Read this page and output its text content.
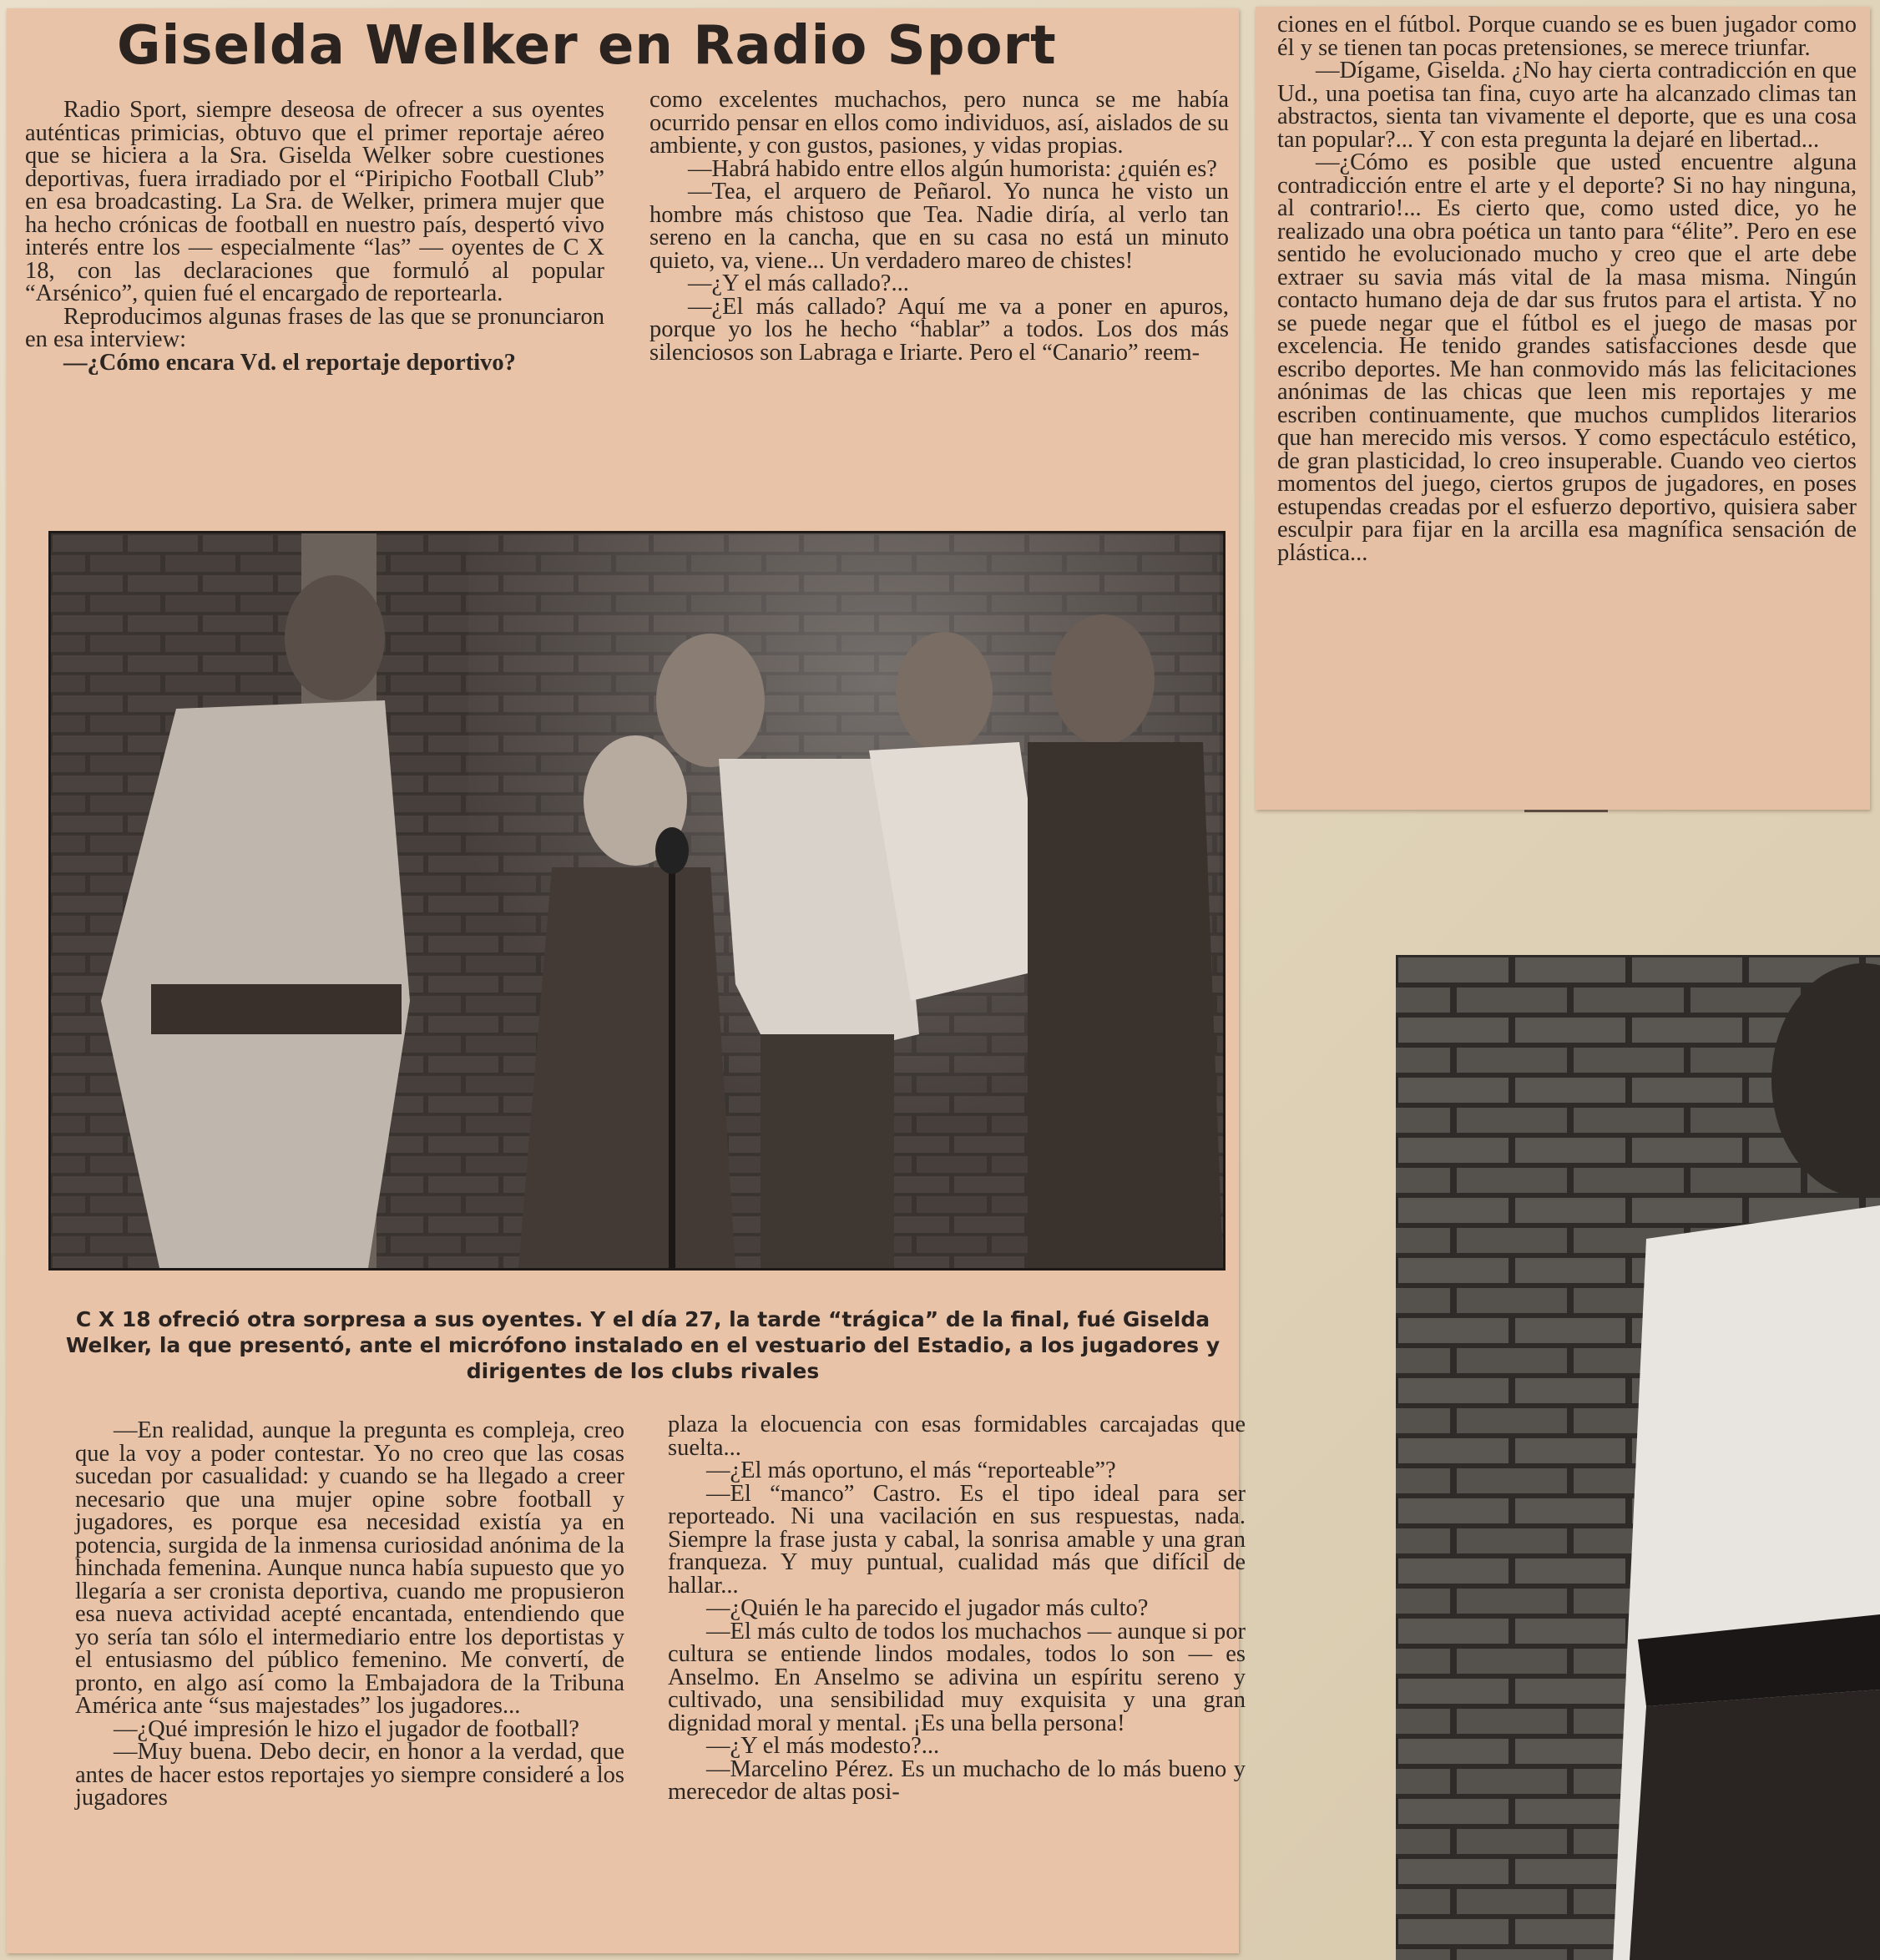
Giselda Welker en Radio Sport

Radio Sport, siempre deseosa de ofrecer a sus oyentes auténticas primicias, obtuvo que el primer reportaje aéreo que se hiciera a la Sra. Giselda Welker sobre cuestiones deportivas, fuera irradiado por el “Piripicho Football Club” en esa broadcasting. La Sra. de Welker, primera mujer que ha hecho crónicas de football en nuestro país, despertó vivo interés entre los — especialmente “las” — oyentes de C X 18, con las declaraciones que formuló al popular “Arsénico”, quien fué el encargado de reportearla.

Reproducimos algunas frases de las que se pronunciaron en esa interview:

—¿Cómo encara Vd. el reportaje deportivo?

como excelentes muchachos, pero nunca se me había ocurrido pensar en ellos como individuos, así, aislados de su ambiente, y con gustos, pasiones, y vidas propias.

—Habrá habido entre ellos algún humorista: ¿quién es?

—Tea, el arquero de Peñarol. Yo nunca he visto un hombre más chistoso que Tea. Nadie diría, al verlo tan sereno en la cancha, que en su casa no está un minuto quieto, va, viene... Un verdadero mareo de chistes!

—¿Y el más callado?...

—¿El más callado? Aquí me va a poner en apuros, porque yo los he hecho “hablar” a todos. Los dos más silenciosos son Labraga e Iriarte. Pero el “Canario” reem-

C X 18 ofreció otra sorpresa a sus oyentes. Y el día 27, la tarde “trágica” de la final, fué Giselda Welker, la que presentó, ante el micrófono instalado en el vestuario del Estadio, a los jugadores y dirigentes de los clubs rivales

—En realidad, aunque la pregunta es compleja, creo que la voy a poder contestar. Yo no creo que las cosas sucedan por casualidad: y cuando se ha llegado a creer necesario que una mujer opine sobre football y jugadores, es porque esa necesidad existía ya en potencia, surgida de la inmensa curiosidad anónima de la hinchada femenina. Aunque nunca había supuesto que yo llegaría a ser cronista deportiva, cuando me propusieron esa nueva actividad acepté encantada, entendiendo que yo sería tan sólo el intermediario entre los deportistas y el entusiasmo del público femenino. Me convertí, de pronto, en algo así como la Embajadora de la Tribuna América ante “sus majestades” los jugadores...

—¿Qué impresión le hizo el jugador de football?

—Muy buena. Debo decir, en honor a la verdad, que antes de hacer estos reportajes yo siempre consideré a los jugadores

plaza la elocuencia con esas formidables carcajadas que suelta...

—¿El más oportuno, el más “reporteable”?

—El “manco” Castro. Es el tipo ideal para ser reporteado. Ni una vacilación en sus respuestas, nada. Siempre la frase justa y cabal, la sonrisa amable y una gran franqueza. Y muy puntual, cualidad más que difícil de hallar...

—¿Quién le ha parecido el jugador más culto?

—El más culto de todos los muchachos — aunque si por cultura se entiende lindos modales, todos lo son — es Anselmo. En Anselmo se adivina un espíritu sereno y cultivado, una sensibilidad muy exquisita y una gran dignidad moral y mental. ¡Es una bella persona!

—¿Y el más modesto?...

—Marcelino Pérez. Es un muchacho de lo más bueno y merecedor de altas posi-

ciones en el fútbol. Porque cuando se es buen jugador como él y se tienen tan pocas pretensiones, se merece triunfar.

—Dígame, Giselda. ¿No hay cierta contradicción en que Ud., una poetisa tan fina, cuyo arte ha alcanzado climas tan abstractos, sienta tan vivamente el deporte, que es una cosa tan popular?... Y con esta pregunta la dejaré en libertad...

—¿Cómo es posible que usted encuentre alguna contradicción entre el arte y el deporte? Si no hay ninguna, al contrario!... Es cierto que, como usted dice, yo he realizado una obra poética un tanto para “élite”. Pero en ese sentido he evolucionado mucho y creo que el arte debe extraer su savia más vital de la masa misma. Ningún contacto humano deja de dar sus frutos para el artista. Y no se puede negar que el fútbol es el juego de masas por excelencia. He tenido grandes satisfacciones desde que escribo deportes. Me han conmovido más las felicitaciones anónimas de las chicas que leen mis reportajes y me escriben continuamente, que muchos cumplidos literarios que han merecido mis versos. Y como espectáculo estético, de gran plasticidad, lo creo insuperable. Cuando veo ciertos momentos del juego, ciertos grupos de jugadores, en poses estupendas creadas por el esfuerzo deportivo, quisiera saber esculpir para fijar en la arcilla esa magnífica sensación de plástica...
